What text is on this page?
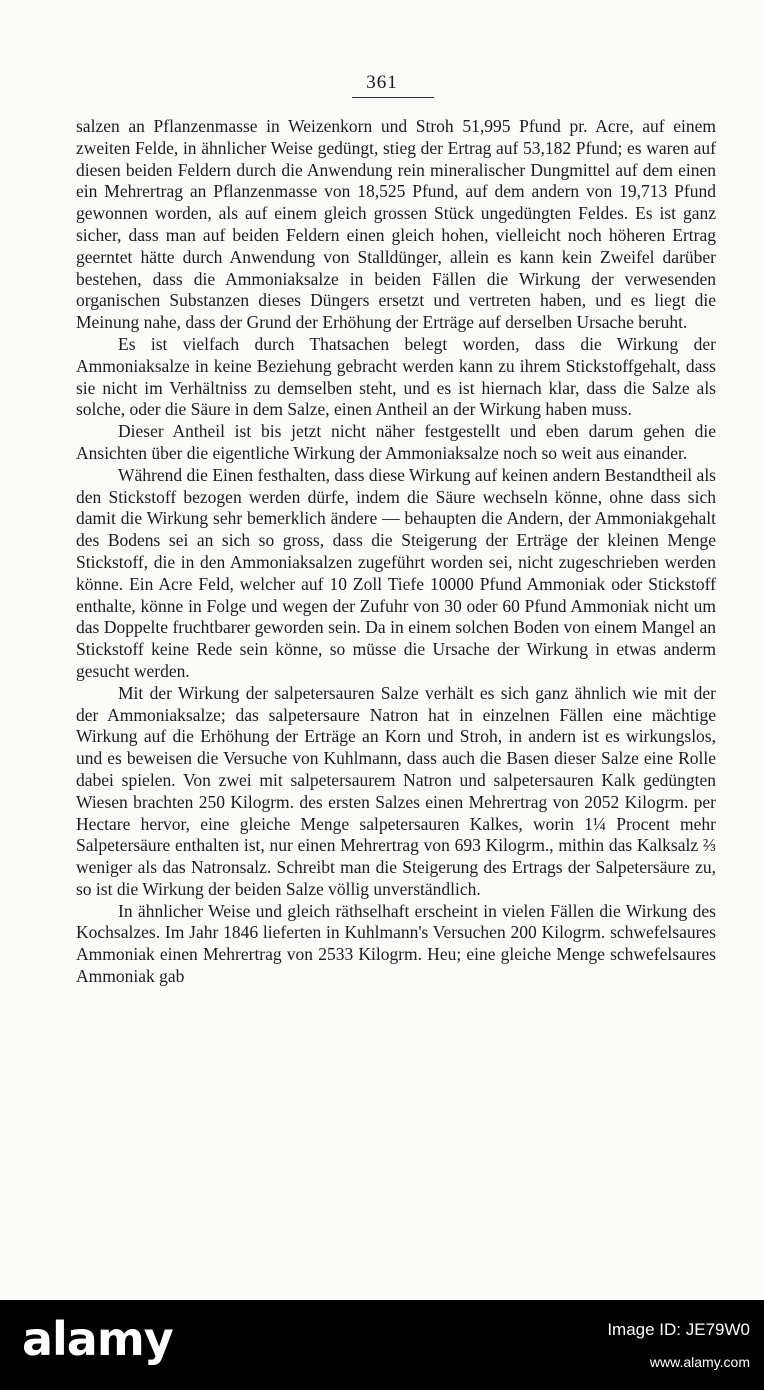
361

salzen an Pflanzenmasse in Weizenkorn und Stroh 51,995 Pfund pr. Acre, auf einem zweiten Felde, in ähnlicher Weise gedüngt, stieg der Ertrag auf 53,182 Pfund; es waren auf diesen beiden Feldern durch die Anwendung rein mineralischer Dungmittel auf dem einen ein Mehrertrag an Pflanzenmasse von 18,525 Pfund, auf dem andern von 19,713 Pfund gewonnen worden, als auf einem gleich grossen Stück ungedüngten Feldes. Es ist ganz sicher, dass man auf beiden Feldern einen gleich hohen, vielleicht noch höheren Ertrag geerntet hätte durch Anwendung von Stalldünger, allein es kann kein Zweifel darüber bestehen, dass die Ammoniaksalze in beiden Fällen die Wirkung der verwesenden organischen Substanzen dieses Düngers ersetzt und vertreten haben, und es liegt die Meinung nahe, dass der Grund der Erhöhung der Erträge auf derselben Ursache beruht.

Es ist vielfach durch Thatsachen belegt worden, dass die Wirkung der Ammoniaksalze in keine Beziehung gebracht werden kann zu ihrem Stickstoffgehalt, dass sie nicht im Verhältniss zu demselben steht, und es ist hiernach klar, dass die Salze als solche, oder die Säure in dem Salze, einen Antheil an der Wirkung haben muss.

Dieser Antheil ist bis jetzt nicht näher festgestellt und eben darum gehen die Ansichten über die eigentliche Wirkung der Ammoniaksalze noch so weit aus einander.

Während die Einen festhalten, dass diese Wirkung auf keinen andern Bestandtheil als den Stickstoff bezogen werden dürfe, indem die Säure wechseln könne, ohne dass sich damit die Wirkung sehr bemerklich ändere — behaupten die Andern, der Ammoniakgehalt des Bodens sei an sich so gross, dass die Steigerung der Erträge der kleinen Menge Stickstoff, die in den Ammoniaksalzen zugeführt worden sei, nicht zugeschrieben werden könne. Ein Acre Feld, welcher auf 10 Zoll Tiefe 10000 Pfund Ammoniak oder Stickstoff enthalte, könne in Folge und wegen der Zufuhr von 30 oder 60 Pfund Ammoniak nicht um das Doppelte fruchtbarer geworden sein. Da in einem solchen Boden von einem Mangel an Stickstoff keine Rede sein könne, so müsse die Ursache der Wirkung in etwas anderm gesucht werden.

Mit der Wirkung der salpetersauren Salze verhält es sich ganz ähnlich wie mit der der Ammoniaksalze; das salpetersaure Natron hat in einzelnen Fällen eine mächtige Wirkung auf die Erhöhung der Erträge an Korn und Stroh, in andern ist es wirkungslos, und es beweisen die Versuche von Kuhlmann, dass auch die Basen dieser Salze eine Rolle dabei spielen. Von zwei mit salpetersaurem Natron und salpetersauren Kalk gedüngten Wiesen brachten 250 Kilogrm. des ersten Salzes einen Mehrertrag von 2052 Kilogrm. per Hectare hervor, eine gleiche Menge salpetersauren Kalkes, worin 1¼ Procent mehr Salpetersäure enthalten ist, nur einen Mehrertrag von 693 Kilogrm., mithin das Kalksalz ⅔ weniger als das Natronsalz. Schreibt man die Steigerung des Ertrags der Salpetersäure zu, so ist die Wirkung der beiden Salze völlig unverständlich.

In ähnlicher Weise und gleich räthselhaft erscheint in vielen Fällen die Wirkung des Kochsalzes. Im Jahr 1846 lieferten in Kuhlmann's Versuchen 200 Kilogrm. schwefelsaures Ammoniak einen Mehrertrag von 2533 Kilogrm. Heu; eine gleiche Menge schwefelsaures Ammoniak gab

alamy	Image ID: JE79W0
www.alamy.com
